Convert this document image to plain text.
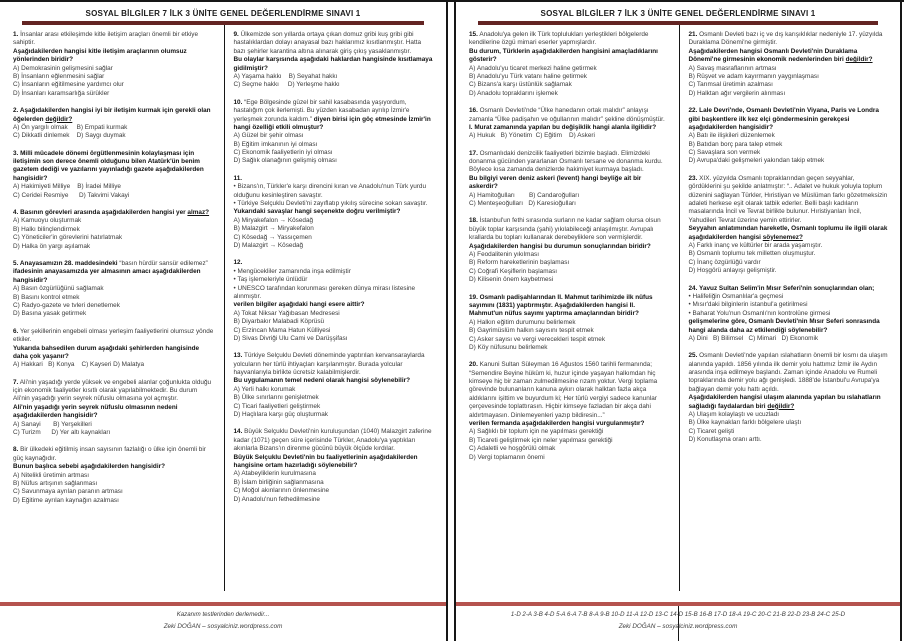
SOSYAL BİLGİLER 7 İLK 3 ÜNİTE GENEL DEĞERLENDİRME SINAVI 1
1. İnsanlar arası etkileşimde kitle iletişim araçları önemli bir etkiye sahiptir.
Aşağıdakilerden hangisi kitle iletişim araçlarının olumsuz yönlerinden biridir?
A) Demokrasinin gelişmesini sağlar
B) İnsanların eğlenmesini sağlar
C) İnsanların eğitilmesine yardımcı olur
D) İnsanları karamsarlığa sürükler
2. Aşağıdakilerden hangisi iyi bir iletişim kurmak için gerekli olan öğelerden değildir?
A) Ön yargılı olmak     B) Empati kurmak
C) Dikkatli dinlemek    D) Saygı duymak
3. Milli mücadele dönemi örgütlenmesinin kolaylaşması için iletişimin son derece önemli olduğunu bilen Atatürk'ün benim gazetem dediği ve yazılarını yayınladığı gazete aşağıdakilerden hangisidir?
A) Hakimiyeti Milliye    B) İradei Milliye
C) Ceridei Resmiye      D) Takvimi Vakayi
4. Basının görevleri arasında aşağıdakilerden hangisi yer almaz?
A) Kamuoyu oluşturmak
B) Halkı bilinçlendirmek
C) Yöneticiler'in görevlerini hatırlatmak
D) Halka ön yargı aşılamak
5. Anayasamızın 28. maddesindeki “basın hürdür sansür edilemez” ifadesinin anayasamızda yer almasının amacı aşağıdakilerden hangisidir?
A) Basın özgürlüğünü sağlamak
B) Basını kontrol etmek
C) Radyo-gazete ve tvleri denetlemek
D) Basına yasak getirmek
6. Yer şekillerinin engebeli olması yerleşim faaliyetlerini olumsuz yönde etkiler.
Yukarıda bahsedilen durum aşağıdaki şehirlerden hangisinde daha çok yaşanır?
A) Hakkari   B) Konya    C) Kayseri D) Malatya
7. Ali'nin yaşadığı yerde yüksek ve engebeli alanlar çoğunlukta olduğu için ekonomik faaliyetler kısıtlı olarak yapılabilmektedir. Bu durum Ali'nin yaşadığı yerin seyrek nüfuslu olmasına yol açmıştır.
Ali'nin yaşadığı yerin seyrek nüfuslu olmasının nedeni aşağıdakilerden hangisidir?
A) Sanayi       B) Yerşekilleri
C) Turizm      D) Yer altı kaynakları
8. Bir ülkedeki eğitilmiş insan sayısının fazlalığı o ülke için önemli bir güç kaynağıdır.
Bunun başlıca sebebi aşağıdakilerden hangisidir?
A) Nitelikli üretimin artması
B) Nüfus artışının sağlanması
C) Savunmaya ayrılan paranın artması
D) Eğitime ayrılan kaynağın azalması
9. Ülkemizde son yıllarda ortaya çıkan domuz gribi kuş gribi gibi hastalıklardan dolayı anayasal bazı haklarımız kısıtlanmıştır. Hatta bazı şehirler karantina altına alınarak giriş çıkış yasaklanmıştır.
Bu olaylar karşısında aşağıdaki haklardan hangisinde kısıtlamaya gidilmiştir?
A) Yaşama hakkı    B) Seyahat hakkı
C) Seçme hakkı     D) Yerleşme hakkı
10. “Ege Bölgesinde güzel bir sahil kasabasında yaşıyordum, hastalığım çok ilerlemişti. Bu yüzden kasabadan ayrılıp İzmir'e yerleşmek zorunda kaldım.” diyen birisi için göç etmesinde İzmir'in hangi özelliği etkili olmuştur?
A) Güzel bir şehir olması
B) Eğitim imkanının iyi olması
C) Ekonomik faaliyetlerin iyi olması
D) Sağlık olanağının gelişmiş olması
11.
• Bizans'ın, Türkler'e karşı direncini kıran ve Anadolu'nun Türk yurdu olduğunu kesinleştiren savaştır.
• Türkiye Selçuklu Devleti'ni zayıflatıp yıkılış sürecine sokan savaştır.
Yukarıdaki savaşlar hangi seçenekte doğru verilmiştir?
A) Miryakefalon → Kösedağ
B) Malazgirt → Miryakefalon
C) Kösedağ → Yassıçemen
D) Malazgirt → Kösedağ
12.
• Mengücekliler zamanında inşa edilmiştir
• Taş işlemeleriyle ünlüdür
• UNESCO tarafından korunması gereken dünya mirası listesine alınmıştır.
verilen bilgiler aşağıdaki hangi esere aittir?
A) Tokat Niksar Yağıbasan Medresesi
B) Diyarbakır Malabadi Köprüsü
C) Erzincan Mama Hatun Külliyesi
D) Sivas Divriği Ulu Cami ve Darüşşifası
13. Türkiye Selçuklu Devleti döneminde yaptırılan kervansaraylarda yolcuların her türlü ihtiyaçları karşılanmıştır. Burada yolcular hayvanlarıyla birlikte ücretsiz kalabilmişlerdir.
Bu uygulamanın temel nedeni olarak hangisi söylenebilir?
A) Yerli halkı korumak
B) Ülke sınırlarını genişletmek
C) Ticari faaliyetleri geliştirmek
D) Haçlılara karşı güç oluşturmak
14. Büyük Selçuklu Devleti'nin kuruluşundan (1040) Malazgirt zaferine kadar (1071) geçen süre içerisinde Türkler, Anadolu'ya yaptıkları akınlarla Bizans'ın direnme gücünü büyük ölçüde kırdılar.
Büyük Selçuklu Devleti'nin bu faaliyetlerinin aşağıdakilerden hangisine ortam hazırladığı söylenebilir?
A) Atabeyliklerin kurulmasına
B) İslam birliğinin sağlanmasına
C) Moğol akınlarının önlenmesine
D) Anadolu'nun fethedilmesine
Kazanım testlerinden derlemedir...
Zeki DOĞAN – sosyalciniz.wordpress.com
SOSYAL BİLGİLER 7 İLK 3 ÜNİTE GENEL DEĞERLENDİRME SINAVI 1
15. Anadolu'ya gelen ilk Türk toplulukları yerleştikleri bölgelerde kendilerine özgü mimari eserler yapmışlardır.
Bu durum, Türklerin aşağıdakilerden hangisini amaçladıklarını gösterir?
A) Anadolu'yu ticaret merkezi haline getirmek
B) Anadolu'yu Türk vatanı haline getirmek
C) Bizans'a karşı üstünlük sağlamak
D) Anadolu topraklarını işlemek
16. Osmanlı Devleti'nde “Ülke hanedanın ortak malıdır” anlayışı zamanla “Ülke padişahın ve oğullarının malıdır” şekline dönüşmüştür.
I. Murat zamanında yapılan bu değişiklik hangi alanla ilgilidir?
A) Hukuk   B) Yönetim  C) Eğitim    D) Askeri
17. Osmanlıdaki denizcilik faaliyetleri bizimle başladı. Elimizdeki donanma gücünden yararlanan Osmanlı tersane ve donanma kurdu. Böylece kısa zamanda denizlerde hakimiyet kurmaya başladı.
Bu bilgiyi veren deniz askeri (levent) hangi beyliğe ait bir askerdir?
A) Hamitoğulları        B) Candaroğulları
C) Menteşeoğulları   D) Karesioğulları
18. İstanbul'un fethi sırasında surların ne kadar sağlam olursa olsun büyük toplar karşısında (şahi) yıkılabileceği anlaşılmıştır. Avrupalı krallarda bu topları kullanarak derebeyliklere son vermişlerdir.
Aşağıdakilerden hangisi bu durumun sonuçlarından biridir?
A) Feodalitenin yıkılması
B) Reform hareketlerinin başlaması
C) Coğrafi Keşiflerin başlaması
D) Kilisenin önem kaybetmesi
19. Osmanlı padişahlarından II. Mahmut tarihimizde ilk nüfus sayımını (1831) yaptırmıştır. Aşağıdakilerden hangisi II. Mahmut'un nüfus sayımı yaptırma amaçlarından biridir?
A) Halkın eğitim durumunu belirlemek
B) Gayrimüslüm halkın sayısını tespit etmek
C) Asker sayısı ve vergi verecekleri tespit etmek
D) Köy nüfusunu belirlemek
20. Kanuni Sultan Süleyman 16 Ağustos 1560 tarihli fermanında; “Semendire Beyine hüküm ki, huzur içinde yaşayan halkımdan hiç kimseye hiç bir zaman zulmedilmesine rızam yoktur. Vergi toplama görevinde bulunanların kanuna aykırı olarak halktan fazla akça aldıklarını işittim ve buyurdum ki; Her türlü vergiyi sadece kanunlar çerçevesinde toplattırasın. Hiçbir kimseye fazladan bir akça dahi aldırtmayasın. Dinlemeyenleri yazıp bildiresin...”
verilen fermanda aşağıdakilerden hangisi vurgulanmıştır?
A) Sağlıklı bir toplum için ne yapılması gerektiği
B) Ticareti geliştirmek için neler yapılması gerektiği
C) Adaletli ve hoşgörülü olmak
D) Vergi toplamanın önemi
21. Osmanlı Devleti bazı iç ve dış karışıklıklar nedeniyle 17. yüzyılda Duraklama Dönemi'ne girmiştir.
Aşağıdakilerden hangisi Osmanlı Devleti'nin Duraklama Dönemi'ne girmesinin ekonomik nedenlerinden biri değildir?
A) Savaş masraflarının artması
B) Rüşvet ve adam kayırmanın yaygınlaşması
C) Tarımsal üretimin azalması
D) Halktan ağır vergilerin alınması
22. Lale Devri'nde, Osmanlı Devleti'nin Viyana, Paris ve Londra gibi başkentlere ilk kez elçi göndermesinin gerekçesi aşağıdakilerden hangisidir?
A) Batı ile ilişkileri düzenlemek
B) Batıdan borç para talep etmek
C) Savaşlara son vermek
D) Avrupa'daki gelişmeleri yakından takip etmek
23. XIX. yüzyılda Osmanlı topraklarından geçen seyyahlar, gördüklerini şu şekilde anlatmıştır: “.. Adalet ve hukuk yoluyla toplum düzenini sağlayan Türkler, Hıristiyan ve Müslüman farkı gözetmeksizin adaleti herkese eşit olarak tatbik ederler. Belli başlı kadıların masalarında İncil ve Tevrat birlikte bulunur. Hıristiyanları İncil, Yahudileri Tevrat üzerine yemin ettirirler.
Seyyahın anlatımından hareketle, Osmanlı toplumu ile ilgili olarak aşağıdakilerden hangisi söylenemez?
A) Farklı inanç ve kültürler bir arada yaşamıştır.
B) Osmanlı toplumu tek milletten oluşmuştur.
C) İnanç özgürlüğü vardır
D) Hoşgörü anlayışı gelişmiştir.
24. Yavuz Sultan Selim'in Mısır Seferi'nin sonuçlarından olan;
• Halifeliğin Osmanlılar'a geçmesi
• Mısır'daki bilginlerin istanbul'a getirilmesi
• Baharat Yolu'nun Osmanlı'nın kontrolüne girmesi
gelişmelerine göre, Osmanlı Devleti'nin Mısır Seferi sonrasında hangi alanda daha az etkilendiği söylenebilir?
A) Dini   B) Bilimsel   C) Mimari   D) Ekonomik
25. Osmanlı Devleti'nde yapılan ıslahatların önemli bir kısmı da ulaşım alanında yapıldı. 1856 yılında ilk demir yolu hattımız İzmir ile Aydın arasında inşa edilmeye başlandı. Zaman içinde Anadolu ve Rumeli topraklarında demir yolu ağı genişledi. 1888'de İstanbul'u Avrupa'ya bağlayan demir yolu hattı açıldı.
Aşağıdakilerden hangisi ulaşım alanında yapılan bu ıslahatların sağladığı faydalardan biri değildir?
A) Ulaşım kolaylaştı ve ucuzladı
B) Ülke kaynakları farklı bölgelere ulaştı
C) Ticaret gelişti
D) Konutlaşma oranı arttı.
1-D 2-A 3-B 4-D 5-A 6-A 7-B 8-A 9-B 10-D 11-A 12-D 13-C 14-D 15-B 16-B 17-D 18-A 19-C 20-C 21-B 22-D 23-B 24-C 25-D
Zeki DOĞAN – sosyalciniz.wordpress.com
